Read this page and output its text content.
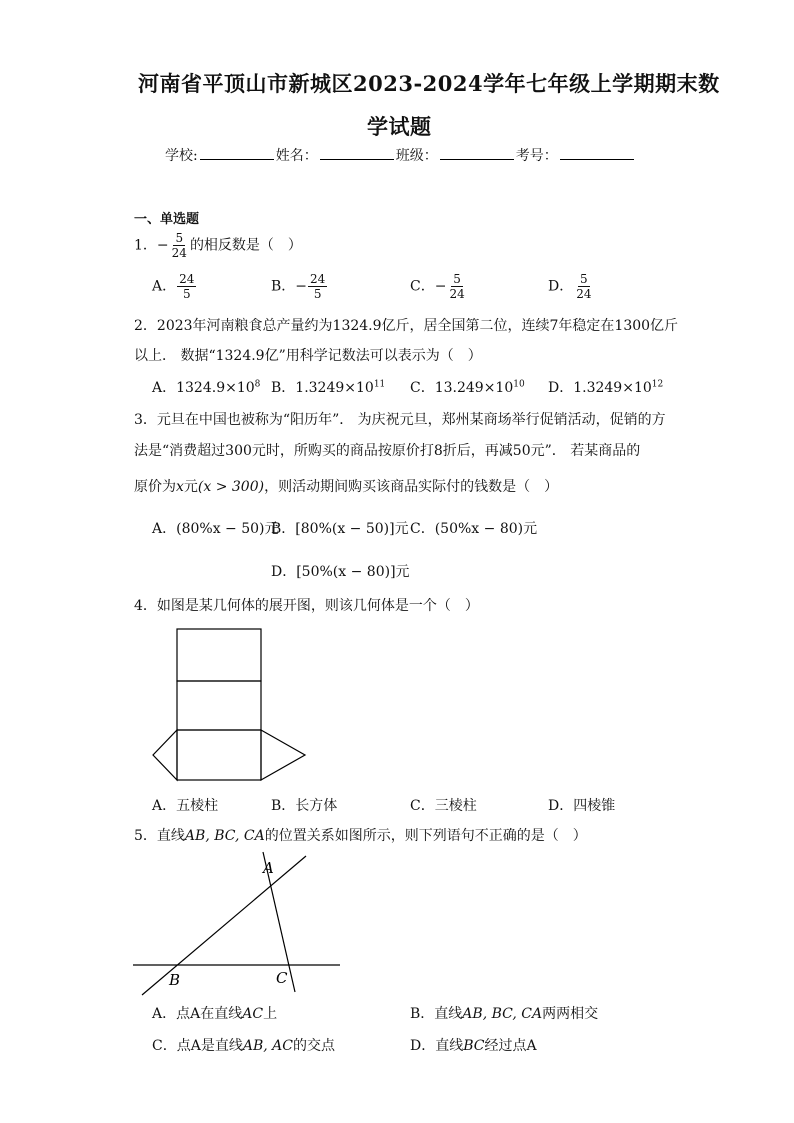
河南省平顶山市新城区2023-2024学年七年级上学期期末数
学试题
学校:	姓名：	班级：	考号：
一、单选题
1．− $\frac{5}{24}$ 的相反数是（　）
A． $\frac{24}{5}$	B．− $\frac{24}{5}$	C．− $\frac{5}{24}$	D． $\frac{5}{24}$
2．2023年河南粮食总产量约为1324.9亿斤，居全国第二位，连续7年稳定在1300亿斤
以上． 数据“1324.9亿”用科学记数法可以表示为（　）
A．$1324.9\times 10^8$ B．$1.3249\times 10^{11}$ C．$13.249\times 10^{10}$ D．$1.3249\times 10^{12}$
3．元旦在中国也被称为“阳历年”． 为庆祝元旦，郑州某商场举行促销活动，促销的方
法是“消费超过300元时，所购买的商品按原价打8折后，再减50元”． 若某商品的
原价为x元(x > 300)，则活动期间购买该商品实际付的钱数是（　）
A．(80%x − 50)元
B．[80%(x − 50)]元 C．(50%x − 80)元
D．[50%(x − 80)]元
4．如图是某几何体的展开图，则该几何体是一个（　）
A．五棱柱	B．长方体	C．三棱柱	D．四棱锥
5．直线AB, BC, CA的位置关系如图所示，则下列语句不正确的是（　）
A
B	C
A．点A在直线AC上	B．直线AB, BC, CA两两相交
C．点A是直线AB, AC的交点	D．直线BC经过点A
